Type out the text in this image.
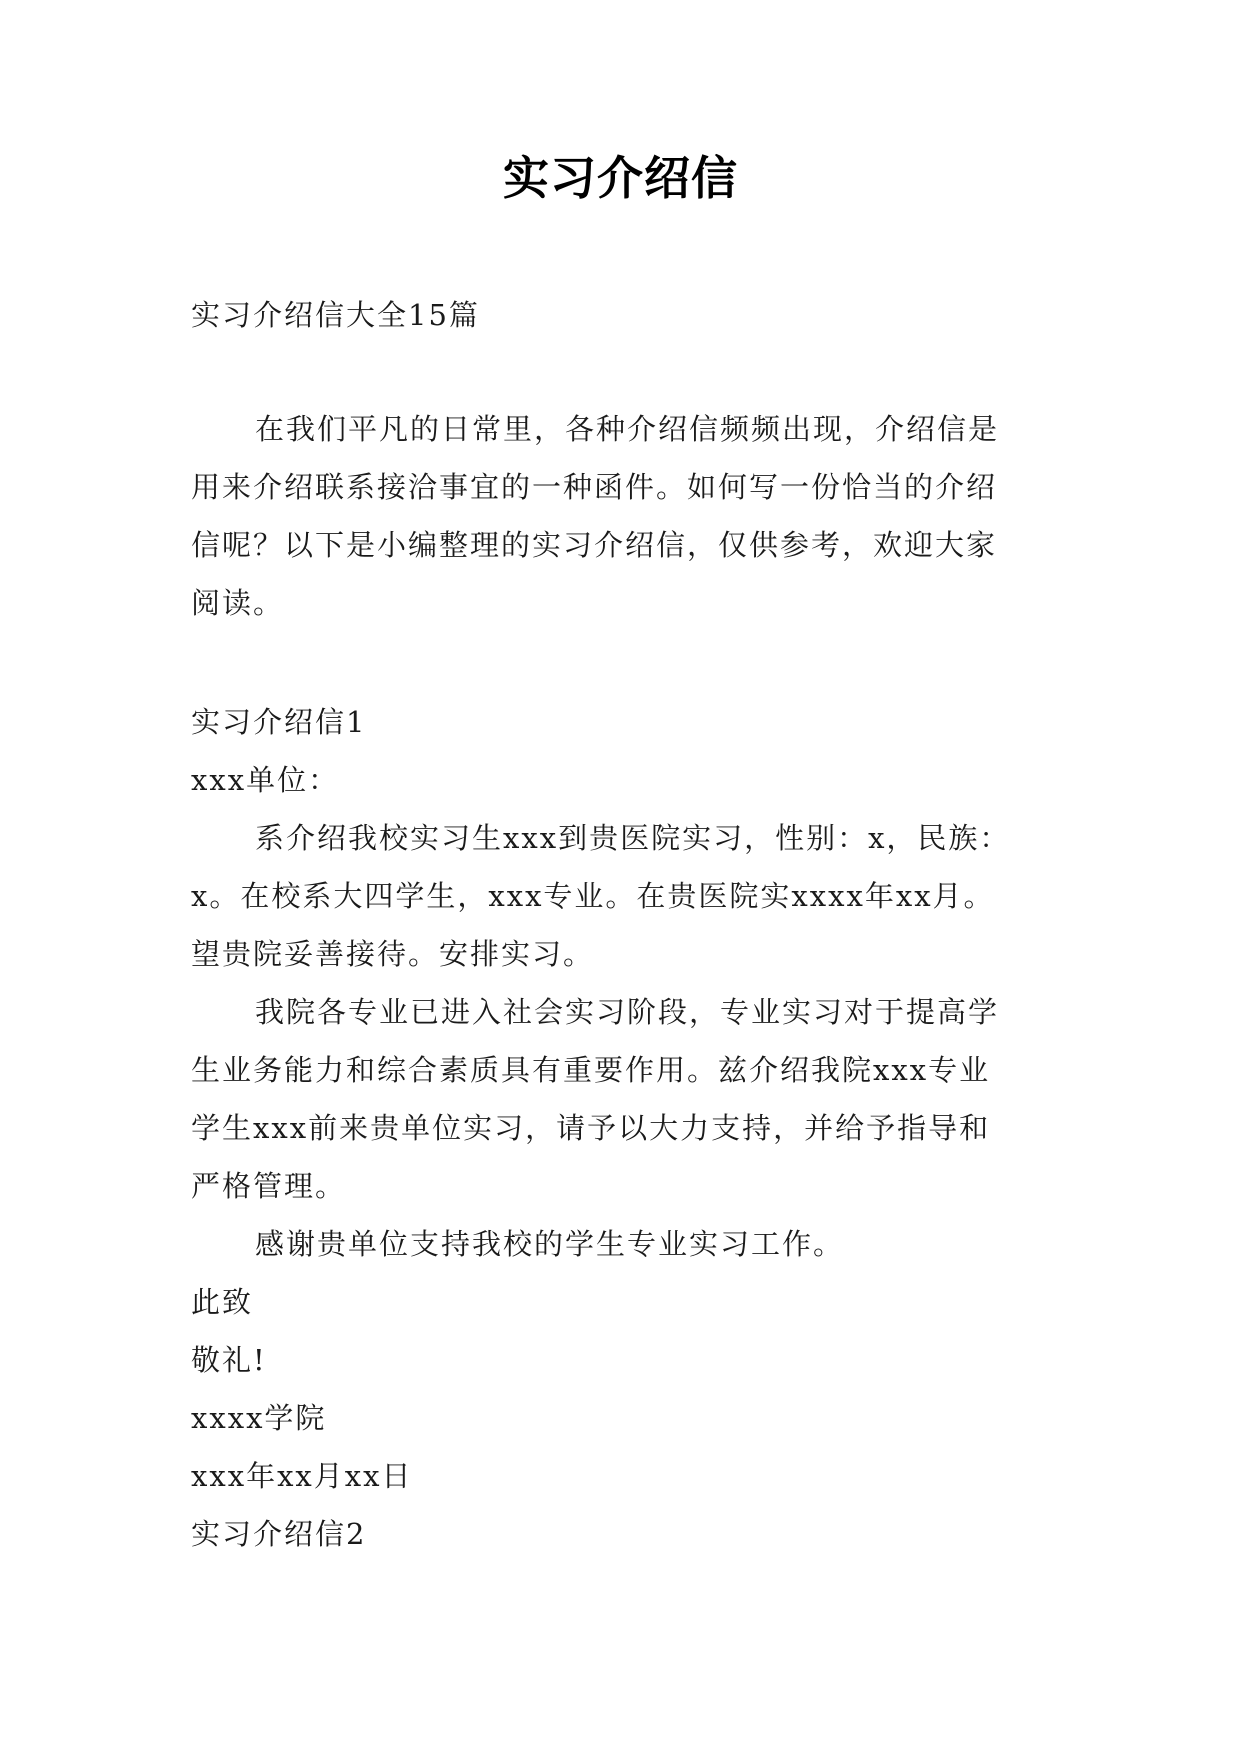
实习介绍信
实习介绍信大全15篇
在我们平凡的日常里，各种介绍信频频出现，介绍信是
用来介绍联系接洽事宜的一种函件。如何写一份恰当的介绍
信呢？以下是小编整理的实习介绍信，仅供参考，欢迎大家
阅读。
实习介绍信1
xxx单位：
系介绍我校实习生xxx到贵医院实习，性别：x，民族：
x。在校系大四学生，xxx专业。在贵医院实xxxx年xx月。
望贵院妥善接待。安排实习。
我院各专业已进入社会实习阶段，专业实习对于提高学
生业务能力和综合素质具有重要作用。兹介绍我院xxx专业
学生xxx前来贵单位实习，请予以大力支持，并给予指导和
严格管理。
感谢贵单位支持我校的学生专业实习工作。
此致
敬礼!
xxxx学院
xxx年xx月xx日
实习介绍信2
